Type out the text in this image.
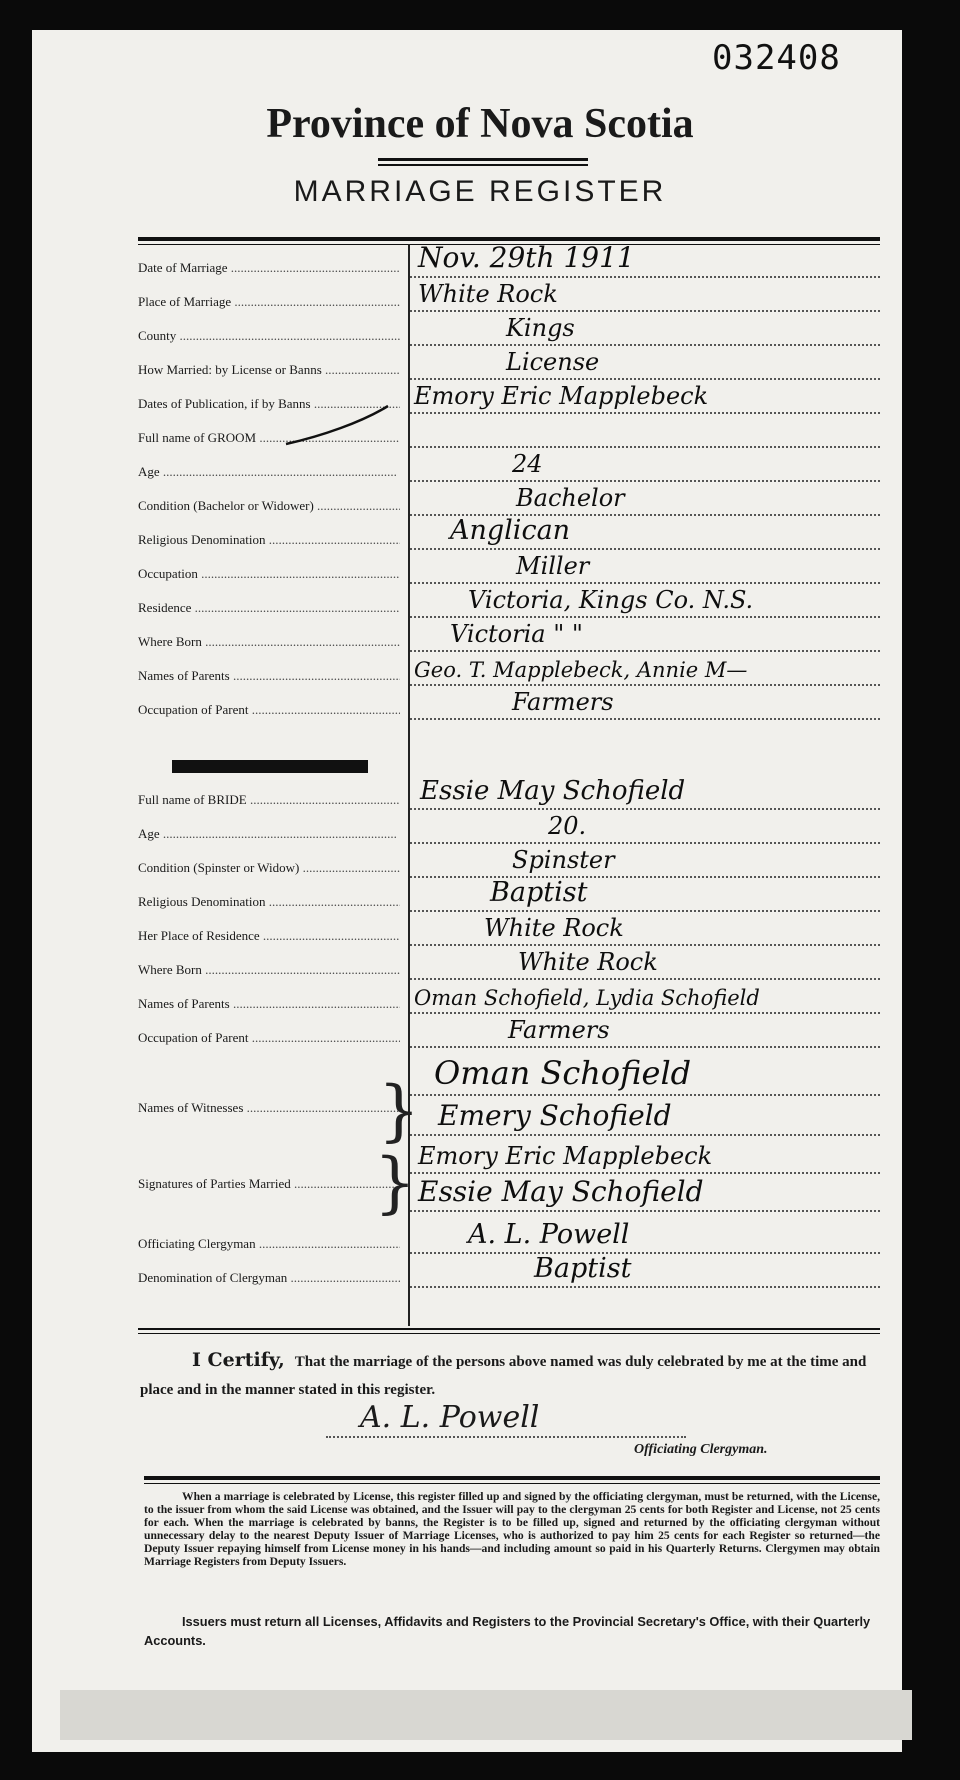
032408
Province of Nova Scotia
MARRIAGE REGISTER
Date of Marriage .....	Nov. 29th 1911
Place of Marriage .....	White Rock
County .....	Kings
How Married: by License or Banns .....	License
Dates of Publication, if by Banns .....	Emory Eric Mapplebeck
Full name of GROOM .....
Age .....	24
Condition (Bachelor or Widower) .....	Bachelor
Religious Denomination .....	Anglican
Occupation .....	Miller
Residence .....	Victoria, Kings Co. N.S.
Where Born .....	Victoria " "
Names of Parents .....	Geo. T. Mapplebeck, Annie M—
Occupation of Parent .....	Farmers
Full name of BRIDE .....	Essie May Schofield
Age .....	20.
Condition (Spinster or Widow) .....	Spinster
Religious Denomination .....	Baptist
Her Place of Residence .....	White Rock
Where Born .....	White Rock
Names of Parents .....	Oman Schofield, Lydia Schofield
Occupation of Parent .....	Farmers
Oman Schofield
Names of Witnesses .....	Emery Schofield
}
Emory Eric Mapplebeck
Signatures of Parties Married .....	Essie May Schofield
}
Officiating Clergyman .....	A. L. Powell
Denomination of Clergyman .....	Baptist
I Certify, That the marriage of the persons above named was duly celebrated by me at the time and place and in the manner stated in this register.
A. L. Powell
Officiating Clergyman.
When a marriage is celebrated by License, this register filled up and signed by the officiating clergyman, must be returned, with the License, to the issuer from whom the said License was obtained, and the Issuer will pay to the clergyman 25 cents for both Register and License, not 25 cents for each. When the marriage is celebrated by banns, the Register is to be filled up, signed and returned by the officiating clergyman without unnecessary delay to the nearest Deputy Issuer of Marriage Licenses, who is authorized to pay him 25 cents for each Register so returned—the Deputy Issuer repaying himself from License money in his hands—and including amount so paid in his Quarterly Returns. Clergymen may obtain Marriage Registers from Deputy Issuers.
Issuers must return all Licenses, Affidavits and Registers to the Provincial Secretary's Office, with their Quarterly Accounts.
